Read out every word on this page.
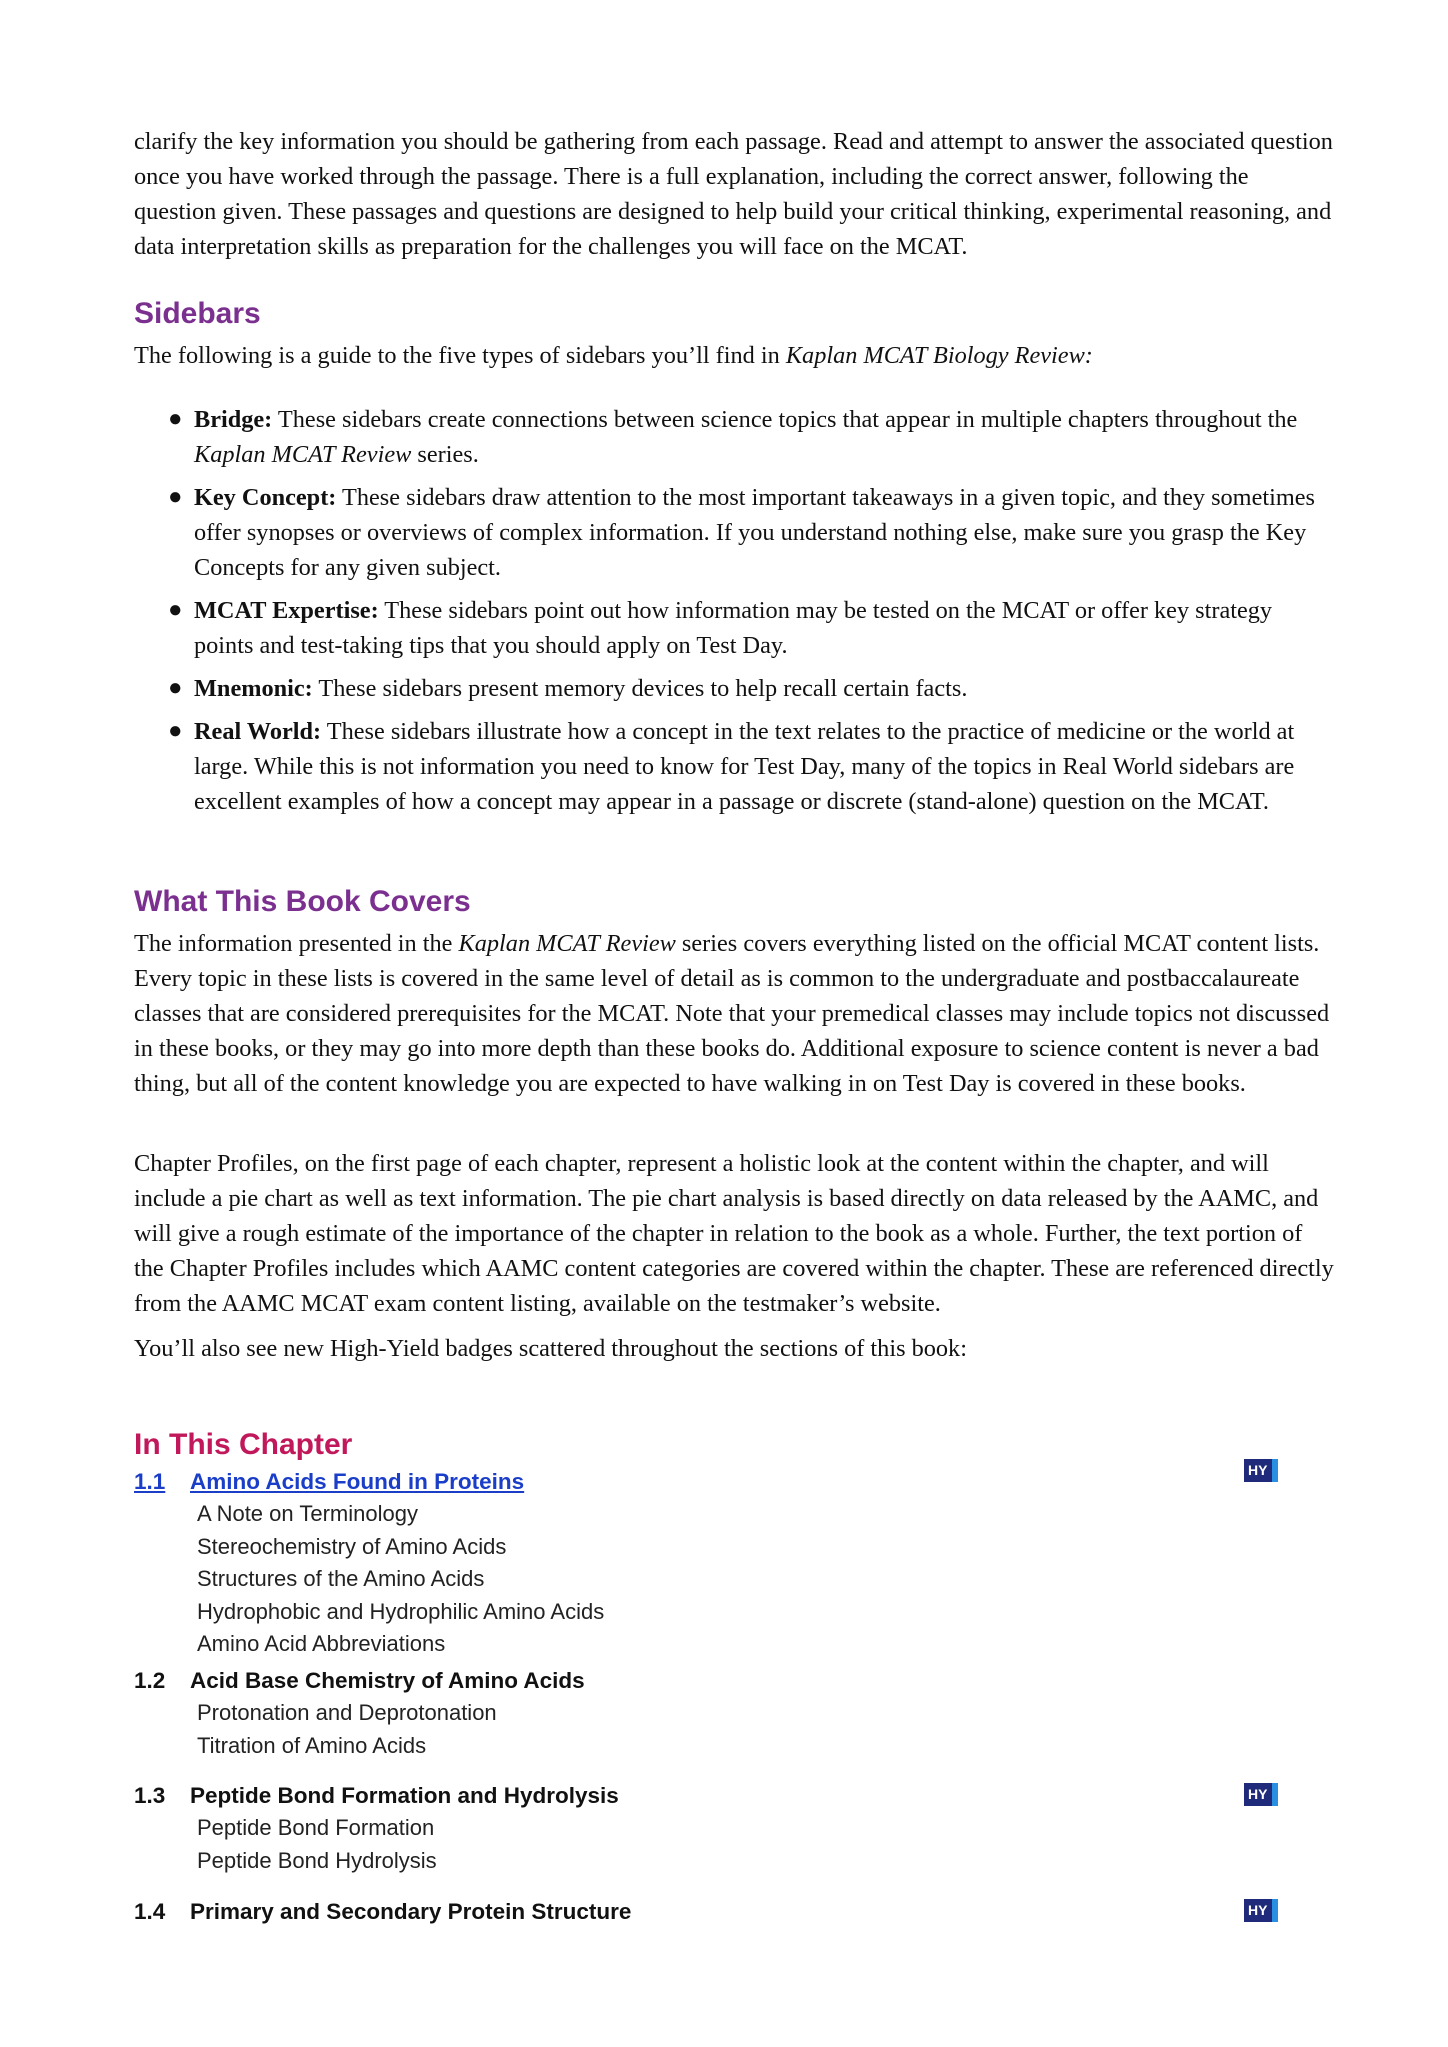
clarify the key information you should be gathering from each passage. Read and attempt to answer the associated question once you have worked through the passage. There is a full explanation, including the correct answer, following the question given. These passages and questions are designed to help build your critical thinking, experimental reasoning, and data interpretation skills as preparation for the challenges you will face on the MCAT.

Sidebars

The following is a guide to the five types of sidebars you’ll find in Kaplan MCAT Biology Review:

● Bridge: These sidebars create connections between science topics that appear in multiple chapters throughout the Kaplan MCAT Review series.
● Key Concept: These sidebars draw attention to the most important takeaways in a given topic, and they sometimes offer synopses or overviews of complex information. If you understand nothing else, make sure you grasp the Key Concepts for any given subject.
● MCAT Expertise: These sidebars point out how information may be tested on the MCAT or offer key strategy points and test-taking tips that you should apply on Test Day.
● Mnemonic: These sidebars present memory devices to help recall certain facts.
● Real World: These sidebars illustrate how a concept in the text relates to the practice of medicine or the world at large. While this is not information you need to know for Test Day, many of the topics in Real World sidebars are excellent examples of how a concept may appear in a passage or discrete (stand-alone) question on the MCAT.
What This Book Covers

The information presented in the Kaplan MCAT Review series covers everything listed on the official MCAT content lists. Every topic in these lists is covered in the same level of detail as is common to the undergraduate and postbaccalaureate classes that are considered prerequisites for the MCAT. Note that your premedical classes may include topics not discussed in these books, or they may go into more depth than these books do. Additional exposure to science content is never a bad thing, but all of the content knowledge you are expected to have walking in on Test Day is covered in these books.

Chapter Profiles, on the first page of each chapter, represent a holistic look at the content within the chapter, and will include a pie chart as well as text information. The pie chart analysis is based directly on data released by the AAMC, and will give a rough estimate of the importance of the chapter in relation to the book as a whole. Further, the text portion of the Chapter Profiles includes which AAMC content categories are covered within the chapter. These are referenced directly from the AAMC MCAT exam content listing, available on the testmaker’s website.

You’ll also see new High-Yield badges scattered throughout the sections of this book:

In This Chapter
1.1 Amino Acids Found in Proteins
A Note on Terminology
Stereochemistry of Amino Acids
Structures of the Amino Acids
Hydrophobic and Hydrophilic Amino Acids
Amino Acid Abbreviations
HY
1.2 Acid Base Chemistry of Amino Acids
Protonation and Deprotonation
Titration of Amino Acids
1.3 Peptide Bond Formation and Hydrolysis
Peptide Bond Formation
Peptide Bond Hydrolysis
HY
1.4 Primary and Secondary Protein Structure	HY
